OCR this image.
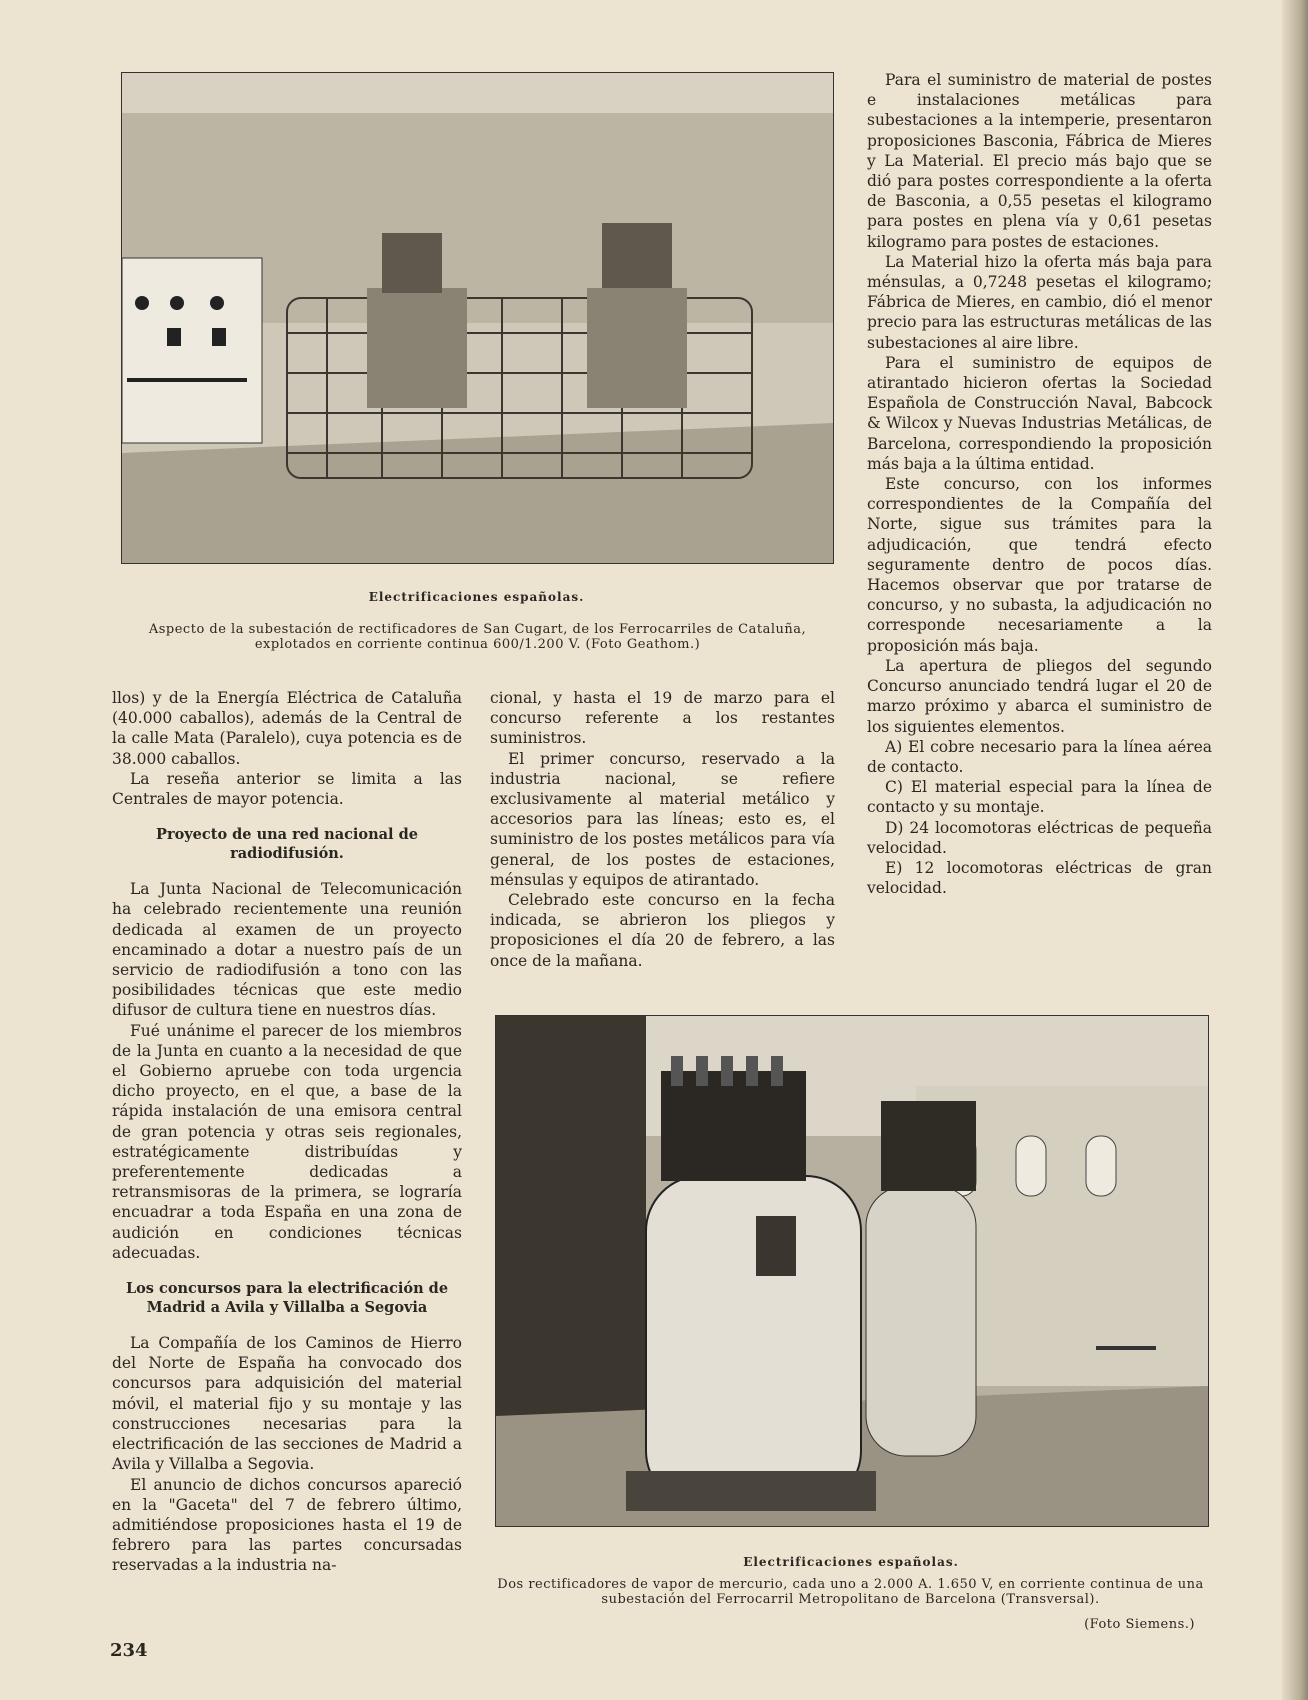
Electrificaciones españolas.
Aspecto de la subestación de rectificadores de San Cugart, de los Ferrocarriles de Cataluña, explotados en corriente continua 600/1.200 V. (Foto Geathom.)

llos) y de la Energía Eléctrica de Cataluña (40.000 caballos), además de la Central de la calle Mata (Paralelo), cuya potencia es de 38.000 caballos.

La reseña anterior se limita a las Centrales de mayor potencia.

Proyecto de una red nacional de radiodifusión.

La Junta Nacional de Telecomunicación ha celebrado recientemente una reunión dedicada al examen de un proyecto encaminado a dotar a nuestro país de un servicio de radiodifusión a tono con las posibilidades técnicas que este medio difusor de cultura tiene en nuestros días.

Fué unánime el parecer de los miembros de la Junta en cuanto a la necesidad de que el Gobierno apruebe con toda urgencia dicho proyecto, en el que, a base de la rápida instalación de una emisora central de gran potencia y otras seis regionales, estratégicamente distribuídas y preferentemente dedicadas a retransmisoras de la primera, se lograría encuadrar a toda España en una zona de audición en condiciones técnicas adecuadas.

Los concursos para la electrificación de Madrid a Avila y Villalba a Segovia

La Compañía de los Caminos de Hierro del Norte de España ha convocado dos concursos para adquisición del material móvil, el material fijo y su montaje y las construcciones necesarias para la electrificación de las secciones de Madrid a Avila y Villalba a Segovia.

El anuncio de dichos concursos apareció en la "Gaceta" del 7 de febrero último, admitiéndose proposiciones hasta el 19 de febrero para las partes concursadas reservadas a la industria na-

cional, y hasta el 19 de marzo para el concurso referente a los restantes suministros.

El primer concurso, reservado a la industria nacional, se refiere exclusivamente al material metálico y accesorios para las líneas; esto es, el suministro de los postes metálicos para vía general, de los postes de estaciones, ménsulas y equipos de atirantado.

Celebrado este concurso en la fecha indicada, se abrieron los pliegos y proposiciones el día 20 de febrero, a las once de la mañana.

Para el suministro de material de postes e instalaciones metálicas para subestaciones a la intemperie, presentaron proposiciones Basconia, Fábrica de Mieres y La Material. El precio más bajo que se dió para postes correspondiente a la oferta de Basconia, a 0,55 pesetas el kilogramo para postes en plena vía y 0,61 pesetas kilogramo para postes de estaciones.

La Material hizo la oferta más baja para ménsulas, a 0,7248 pesetas el kilogramo; Fábrica de Mieres, en cambio, dió el menor precio para las estructuras metálicas de las subestaciones al aire libre.

Para el suministro de equipos de atirantado hicieron ofertas la Sociedad Española de Construcción Naval, Babcock & Wilcox y Nuevas Industrias Metálicas, de Barcelona, correspondiendo la proposición más baja a la última entidad.

Este concurso, con los informes correspondientes de la Compañía del Norte, sigue sus trámites para la adjudicación, que tendrá efecto seguramente dentro de pocos días. Hacemos observar que por tratarse de concurso, y no subasta, la adjudicación no corresponde necesariamente a la proposición más baja.

La apertura de pliegos del segundo Concurso anunciado tendrá lugar el 20 de marzo próximo y abarca el suministro de los siguientes elementos.

A) El cobre necesario para la línea aérea de contacto.

C) El material especial para la línea de contacto y su montaje.

D) 24 locomotoras eléctricas de pequeña velocidad.

E) 12 locomotoras eléctricas de gran velocidad.

Electrificaciones españolas.
Dos rectificadores de vapor de mercurio, cada uno a 2.000 A. 1.650 V, en corriente continua de una subestación del Ferrocarril Metropolitano de Barcelona (Transversal).
(Foto Siemens.)
234
